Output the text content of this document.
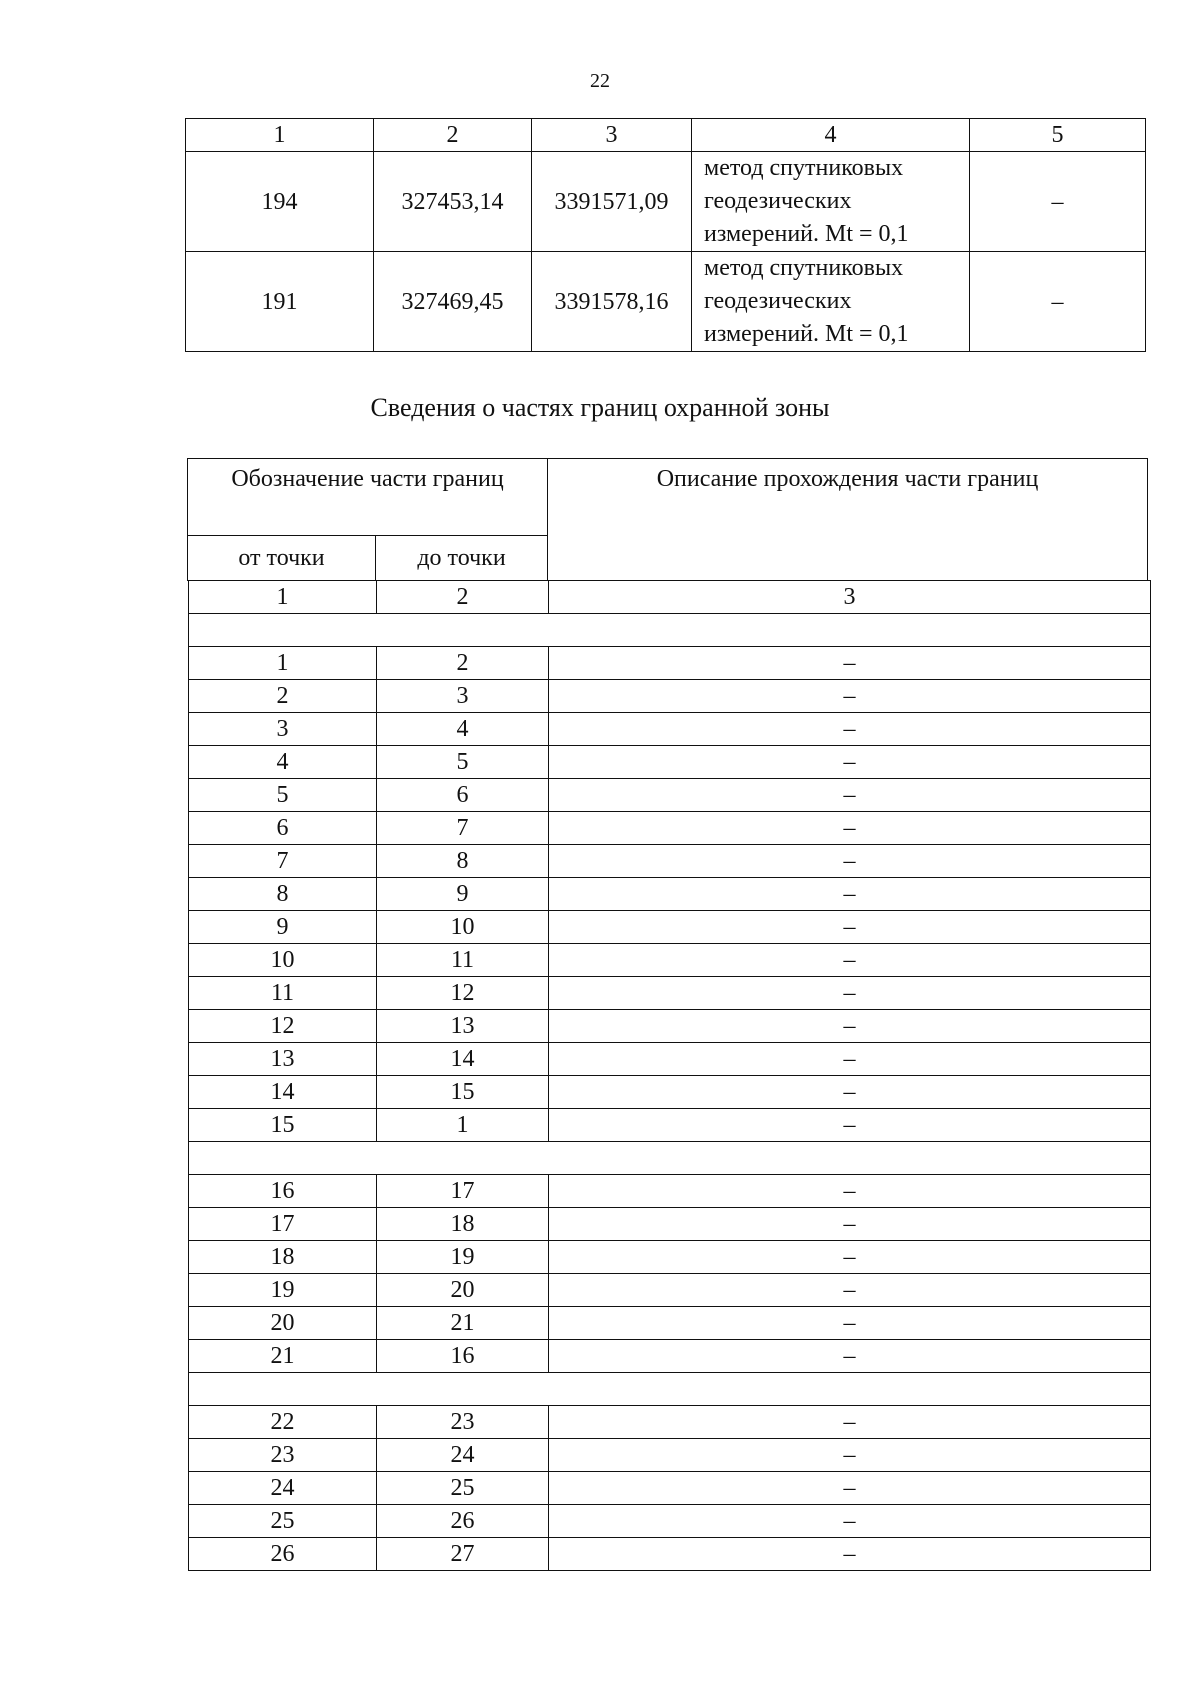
22
1	2	3	4	5
194	327453,14	3391571,09	метод спутниковых
геодезических
измерений. Mt = 0,1	–
191	327469,45	3391578,16	метод спутниковых
геодезических
измерений. Mt = 0,1	–
Сведения о частях границ охранной зоны
Обозначение части границ		Описание прохождения части границ
от точки	до точки	
1	2	3

1	2	–
2	3	–
3	4	–
4	5	–
5	6	–
6	7	–
7	8	–
8	9	–
9	10	–
10	11	–
11	12	–
12	13	–
13	14	–
14	15	–
15	1	–

16	17	–
17	18	–
18	19	–
19	20	–
20	21	–
21	16	–

22	23	–
23	24	–
24	25	–
25	26	–
26	27	–
